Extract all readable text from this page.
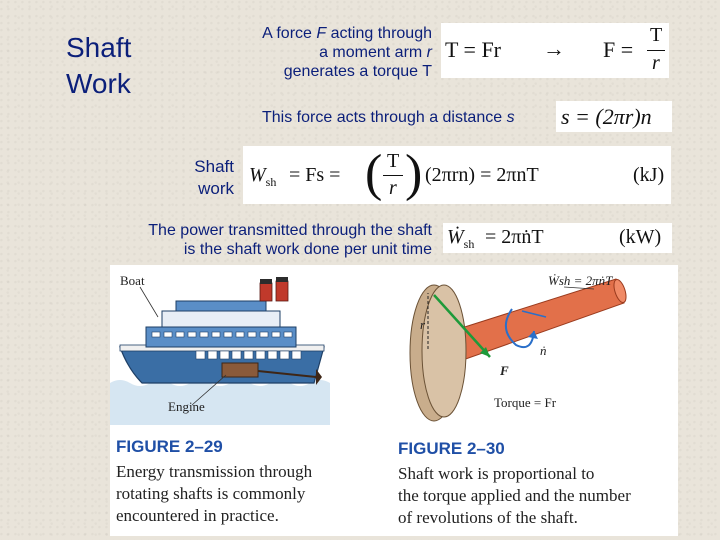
Shaft
Work
A force F acting through
a moment arm r
generates a torque T
T = Fr → F =
T
r
This force acts through a distance s s = (2πr)n
Shaft
work
$W_{sh} = Fs$ = ( T
r ) (2πrn) = 2πnT	(kJ)
The power transmitted through the shaft
is the shaft work done per unit time
Ẇ$_{sh}$ = 2πṅT	(kW)
Boat
Engine
FIGURE 2–29
Energy transmission through
rotating shafts is commonly
encountered in practice.
Ẇsh = 2πṅT
r
ṅ
F
Torque = Fr
FIGURE 2–30
Shaft work is proportional to
the torque applied and the number
of revolutions of the shaft.
